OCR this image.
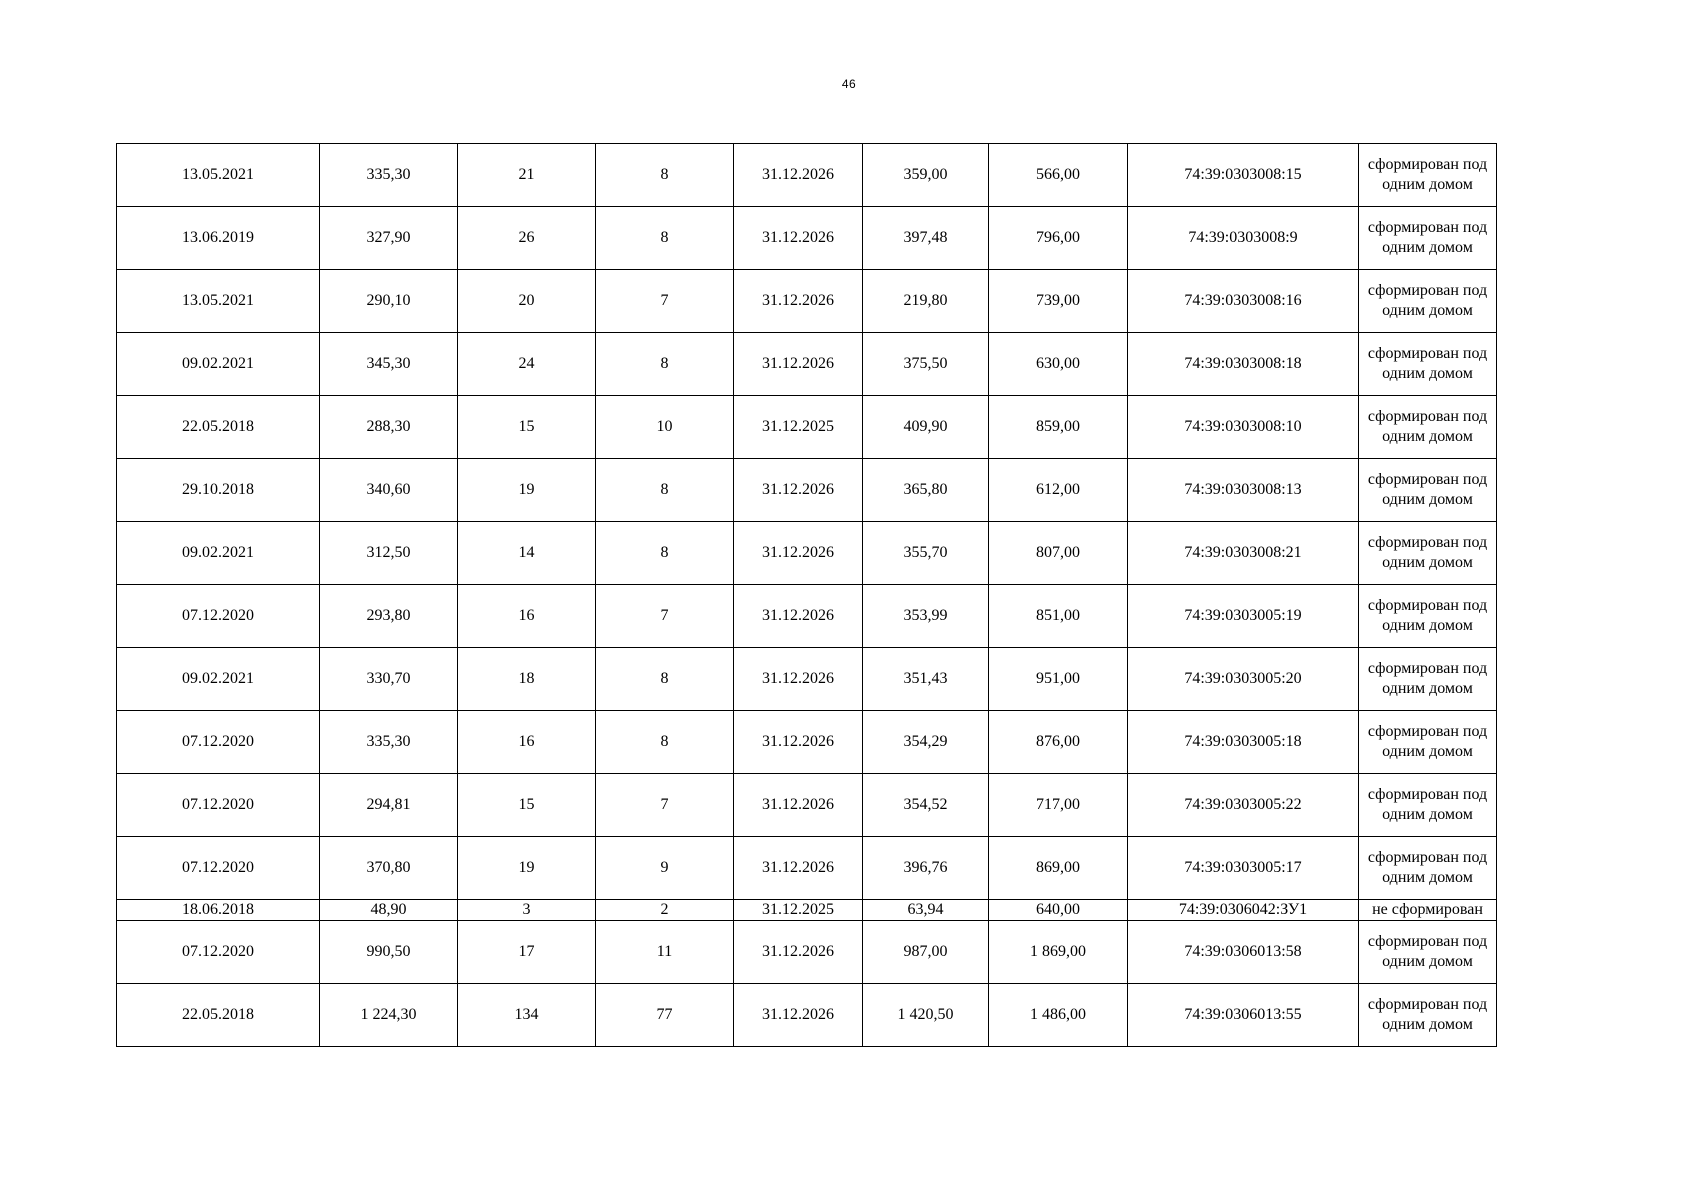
46
13.05.2021	335,30	21	8	31.12.2026	359,00	566,00	74:39:0303008:15	сформирован под одним домом
13.06.2019	327,90	26	8	31.12.2026	397,48	796,00	74:39:0303008:9	сформирован под одним домом
13.05.2021	290,10	20	7	31.12.2026	219,80	739,00	74:39:0303008:16	сформирован под одним домом
09.02.2021	345,30	24	8	31.12.2026	375,50	630,00	74:39:0303008:18	сформирован под одним домом
22.05.2018	288,30	15	10	31.12.2025	409,90	859,00	74:39:0303008:10	сформирован под одним домом
29.10.2018	340,60	19	8	31.12.2026	365,80	612,00	74:39:0303008:13	сформирован под одним домом
09.02.2021	312,50	14	8	31.12.2026	355,70	807,00	74:39:0303008:21	сформирован под одним домом
07.12.2020	293,80	16	7	31.12.2026	353,99	851,00	74:39:0303005:19	сформирован под одним домом
09.02.2021	330,70	18	8	31.12.2026	351,43	951,00	74:39:0303005:20	сформирован под одним домом
07.12.2020	335,30	16	8	31.12.2026	354,29	876,00	74:39:0303005:18	сформирован под одним домом
07.12.2020	294,81	15	7	31.12.2026	354,52	717,00	74:39:0303005:22	сформирован под одним домом
07.12.2020	370,80	19	9	31.12.2026	396,76	869,00	74:39:0303005:17	сформирован под одним домом
18.06.2018	48,90	3	2	31.12.2025	63,94	640,00	74:39:0306042:ЗУ1	не сформирован
07.12.2020	990,50	17	11	31.12.2026	987,00	1 869,00	74:39:0306013:58	сформирован под одним домом
22.05.2018	1 224,30	134	77	31.12.2026	1 420,50	1 486,00	74:39:0306013:55	сформирован под одним домом
